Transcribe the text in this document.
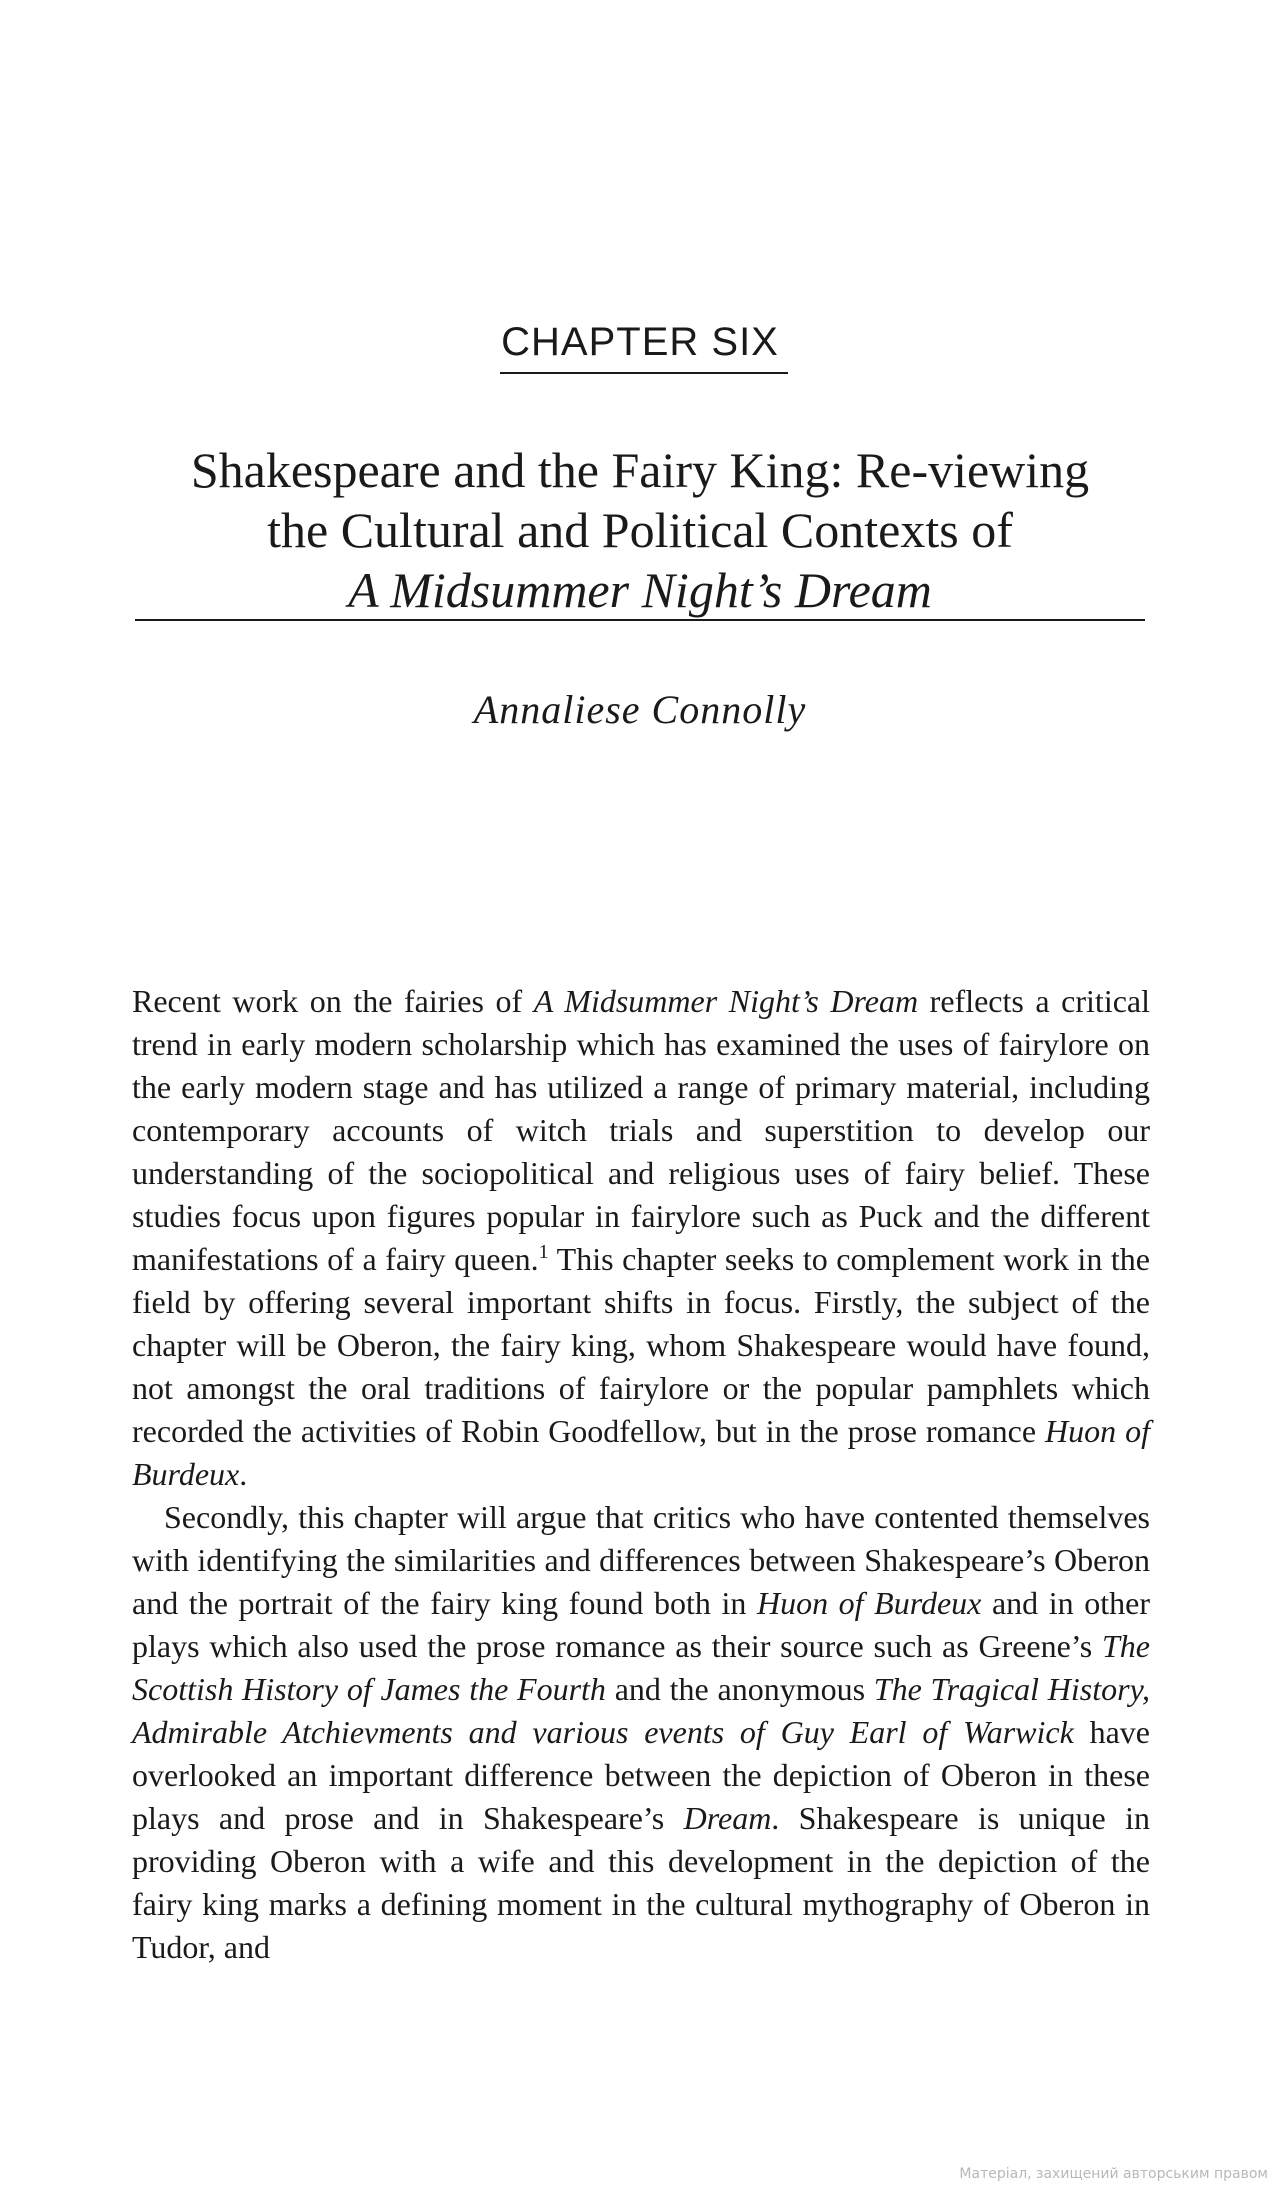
CHAPTER SIX
Shakespeare and the Fairy King: Re-viewing
the Cultural and Political Contexts of
A Midsummer Night’s Dream
Annaliese Connolly

Recent work on the fairies of A Midsummer Night’s Dream reflects a critical trend in early modern scholarship which has examined the uses of fairylore on the early modern stage and has utilized a range of primary material, including contemporary accounts of witch trials and superstition to develop our understanding of the sociopolitical and religious uses of fairy belief. These studies focus upon figures popular in fairylore such as Puck and the different manifestations of a fairy queen.$^1$ This chapter seeks to complement work in the field by offering several important shifts in focus. Firstly, the subject of the chapter will be Oberon, the fairy king, whom Shakespeare would have found, not amongst the oral traditions of fairylore or the popular pamphlets which recorded the activities of Robin Goodfellow, but in the prose romance Huon of Burdeux.

Secondly, this chapter will argue that critics who have contented themselves with identifying the similarities and differences between Shakespeare’s Oberon and the portrait of the fairy king found both in Huon of Burdeux and in other plays which also used the prose romance as their source such as Greene’s The Scottish History of James the Fourth and the anonymous The Tragical History, Admirable Atchievments and various events of Guy Earl of Warwick have overlooked an important difference between the depiction of Oberon in these plays and prose and in Shakespeare’s Dream. Shakespeare is unique in providing Oberon with a wife and this development in the depiction of the fairy king marks a defining moment in the cultural mythography of Oberon in Tudor, and

Матеріал, захищений авторським правом
